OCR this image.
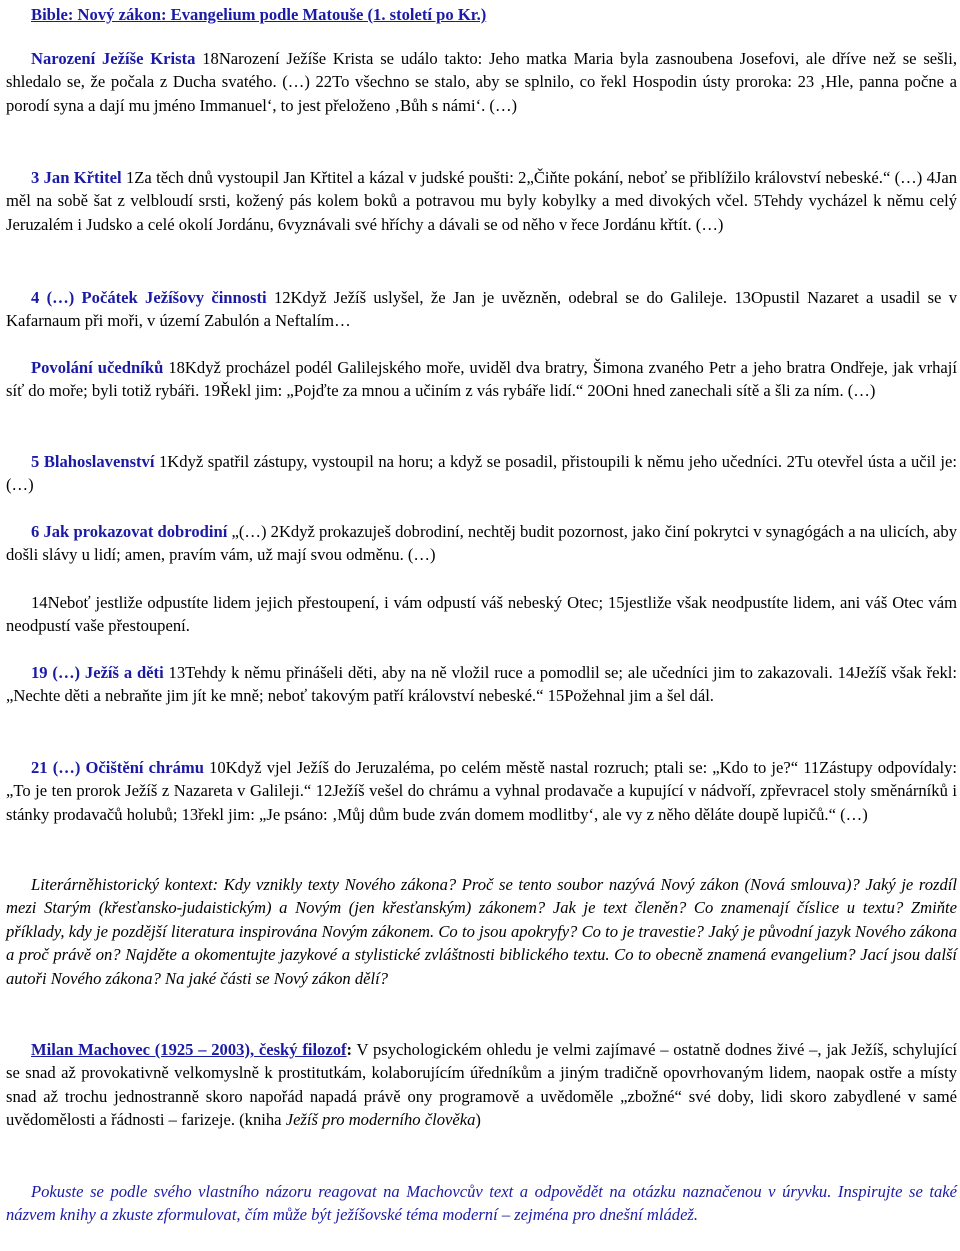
Bible: Nový zákon: Evangelium podle Matouše (1. století po Kr.)
Narození Ježíše Krista 18Narození Ježíše Krista se událo takto: Jeho matka Maria byla zasnoubena Josefovi, ale dříve než se sešli, shledalo se, že počala z Ducha svatého. (…) 22To všechno se stalo, aby se splnilo, co řekl Hospodin ústy proroka: 23 ‚Hle, panna počne a porodí syna a dají mu jméno Immanuel‘, to jest přeloženo ‚Bůh s námi‘. (…)
3 Jan Křtitel 1Za těch dnů vystoupil Jan Křtitel a kázal v judské poušti: 2„Čiňte pokání, neboť se přiblížilo království nebeské.“ (…) 4Jan měl na sobě šat z velbloudí srsti, kožený pás kolem boků a potravou mu byly kobylky a med divokých včel. 5Tehdy vycházel k němu celý Jeruzalém i Judsko a celé okolí Jordánu, 6vyznávali své hříchy a dávali se od něho v řece Jordánu křtít. (…)
4 (…) Počátek Ježíšovy činnosti 12Když Ježíš uslyšel, že Jan je uvězněn, odebral se do Galileje. 13Opustil Nazaret a usadil se v Kafarnaum při moři, v území Zabulón a Neftalím…
Povolání učedníků 18Když procházel podél Galilejského moře, uviděl dva bratry, Šimona zvaného Petr a jeho bratra Ondřeje, jak vrhají síť do moře; byli totiž rybáři. 19Řekl jim: „Pojďte za mnou a učiním z vás rybáře lidí.“ 20Oni hned zanechali sítě a šli za ním. (…)
5 Blahoslavenství 1Když spatřil zástupy, vystoupil na horu; a když se posadil, přistoupili k němu jeho učedníci. 2Tu otevřel ústa a učil je: (…)
6 Jak prokazovat dobrodiní „(…) 2Když prokazuješ dobrodiní, nechtěj budit pozornost, jako činí pokrytci v synagógách a na ulicích, aby došli slávy u lidí; amen, pravím vám, už mají svou odměnu. (…)
14Neboť jestliže odpustíte lidem jejich přestoupení, i vám odpustí váš nebeský Otec; 15jestliže však neodpustíte lidem, ani váš Otec vám neodpustí vaše přestoupení.
19 (…) Ježíš a děti 13Tehdy k němu přinášeli děti, aby na ně vložil ruce a pomodlil se; ale učedníci jim to zakazovali. 14Ježíš však řekl: „Nechte děti a nebraňte jim jít ke mně; neboť takovým patří království nebeské.“ 15Požehnal jim a šel dál.
21 (…) Očištění chrámu 10Když vjel Ježíš do Jeruzaléma, po celém městě nastal rozruch; ptali se: „Kdo to je?“ 11Zástupy odpovídaly: „To je ten prorok Ježíš z Nazareta v Galileji.“ 12Ježíš vešel do chrámu a vyhnal prodavače a kupující v nádvoří, zpřevracel stoly směnárníků i stánky prodavačů holubů; 13řekl jim: „Je psáno: ‚Můj dům bude zván domem modlitby‘, ale vy z něho děláte doupě lupičů.“ (…)
Literárněhistorický kontext: Kdy vznikly texty Nového zákona? Proč se tento soubor nazývá Nový zákon (Nová smlouva)? Jaký je rozdíl mezi Starým (křesťansko-judaistickým) a Novým (jen křesťanským) zákonem? Jak je text členěn? Co znamenají číslice u textu? Zmiňte příklady, kdy je pozdější literatura inspirována Novým zákonem. Co to jsou apokryfy? Co to je travestie? Jaký je původní jazyk Nového zákona a proč právě on? Najděte a okomentujte jazykové a stylistické zvláštnosti biblického textu. Co to obecně znamená evangelium? Jací jsou další autoři Nového zákona? Na jaké části se Nový zákon dělí?
Milan Machovec (1925 – 2003), český filozof: V psychologickém ohledu je velmi zajímavé – ostatně dodnes živé –, jak Ježíš, schylující se snad až provokativně velkomyslně k prostitutkám, kolaborujícím úředníkům a jiným tradičně opovrhovaným lidem, naopak ostře a místy snad až trochu jednostranně skoro napořád napadá právě ony programově a uvědoměle „zbožné“ své doby, lidi skoro zabydlené v samé uvědomělosti a řádnosti – farizeje. (kniha Ježíš pro moderního člověka)
Pokuste se podle svého vlastního názoru reagovat na Machovcův text a odpovědět na otázku naznačenou v úryvku. Inspirujte se také názvem knihy a zkuste zformulovat, čím může být ježíšovské téma moderní – zejména pro dnešní mládež.
